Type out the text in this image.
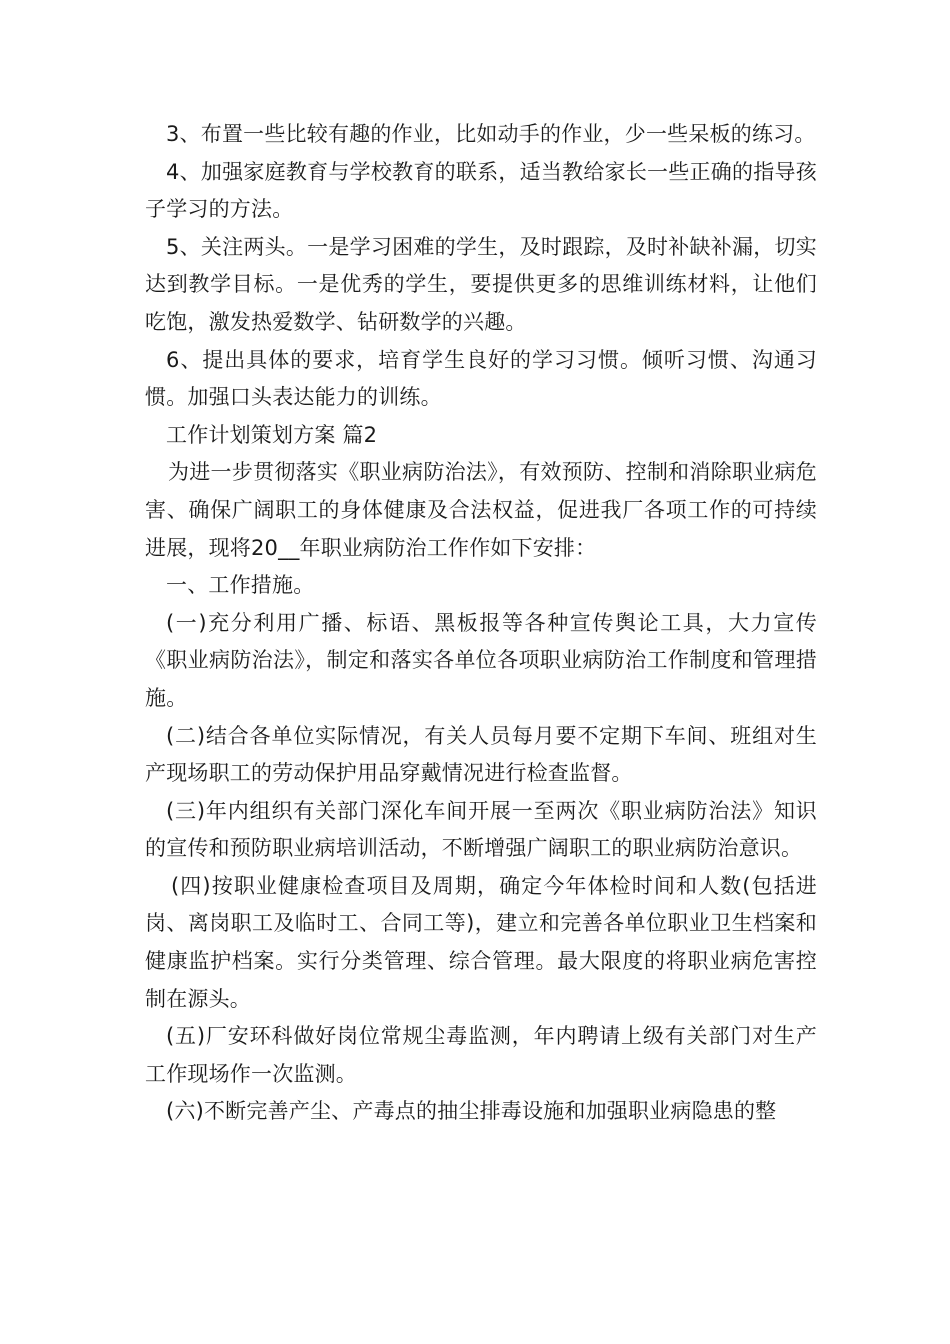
3、布置一些比较有趣的作业，比如动手的作业，少一些呆板的练习。

4、加强家庭教育与学校教育的联系，适当教给家长一些正确的指导孩子学习的方法。

5、关注两头。一是学习困难的学生，及时跟踪，及时补缺补漏，切实达到教学目标。一是优秀的学生，要提供更多的思维训练材料，让他们吃饱，激发热爱数学、钻研数学的兴趣。

6、提出具体的要求，培育学生良好的学习习惯。倾听习惯、沟通习惯。加强口头表达能力的训练。

工作计划策划方案 篇2

为进一步贯彻落实《职业病防治法》，有效预防、控制和消除职业病危害、确保广阔职工的身体健康及合法权益，促进我厂各项工作的可持续进展，现将20__年职业病防治工作作如下安排：

一、工作措施。

(一)充分利用广播、标语、黑板报等各种宣传舆论工具，大力宣传《职业病防治法》，制定和落实各单位各项职业病防治工作制度和管理措施。

(二)结合各单位实际情况，有关人员每月要不定期下车间、班组对生产现场职工的劳动保护用品穿戴情况进行检查监督。

(三)年内组织有关部门深化车间开展一至两次《职业病防治法》知识的宣传和预防职业病培训活动，不断增强广阔职工的职业病防治意识。

(四)按职业健康检查项目及周期，确定今年体检时间和人数(包括进岗、离岗职工及临时工、合同工等)，建立和完善各单位职业卫生档案和健康监护档案。实行分类管理、综合管理。最大限度的将职业病危害控制在源头。

(五)厂安环科做好岗位常规尘毒监测，年内聘请上级有关部门对生产工作现场作一次监测。

(六)不断完善产尘、产毒点的抽尘排毒设施和加强职业病隐患的整
